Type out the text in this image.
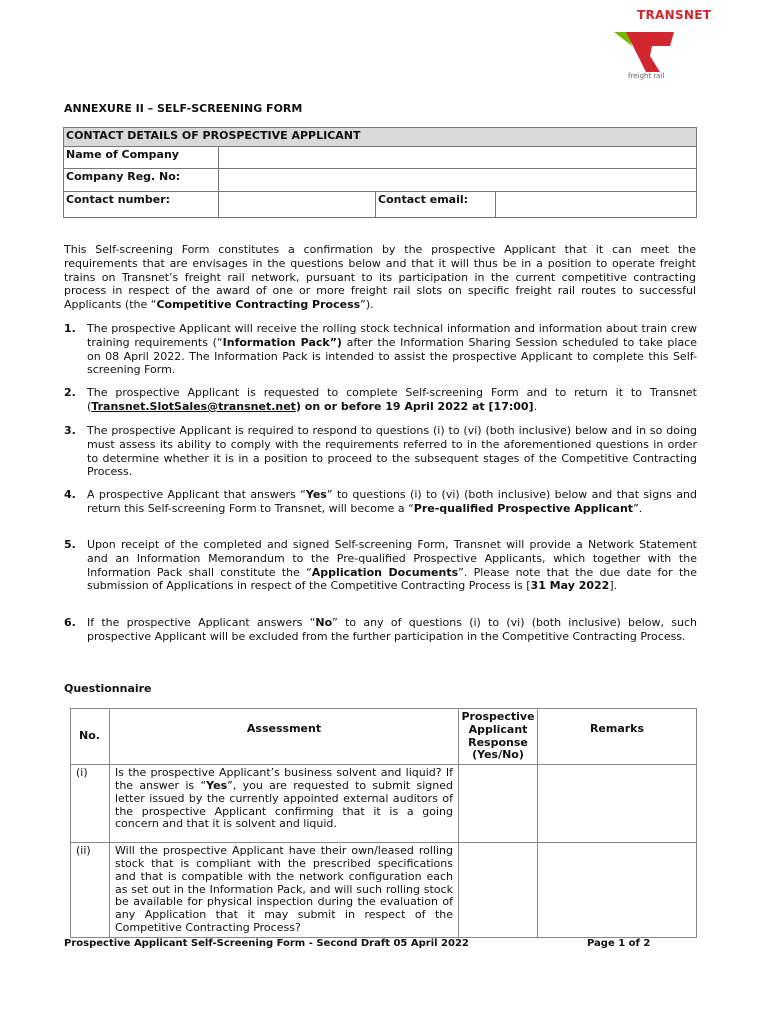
TRANSNET
freight rail
ANNEXURE II – SELF-SCREENING FORM
CONTACT DETAILS OF PROSPECTIVE APPLICANT			
Name of Company			
Company Reg. No:			
Contact number:		Contact email:	
This Self-screening Form constitutes a confirmation by the prospective Applicant that it can meet the requirements that are envisages in the questions below and that it will thus be in a position to operate freight trains on Transnet’s freight rail network, pursuant to its participation in the current competitive contracting process in respect of the award of one or more freight rail slots on specific freight rail routes to successful Applicants (the “Competitive Contracting Process”).
1. The prospective Applicant will receive the rolling stock technical information and information about train crew training requirements (“Information Pack”) after the Information Sharing Session scheduled to take place on 08 April 2022. The Information Pack is intended to assist the prospective Applicant to complete this Self-screening Form.
2. The prospective Applicant is requested to complete Self-screening Form and to return it to Transnet (Transnet.SlotSales@transnet.net) on or before 19 April 2022 at [17:00].
3. The prospective Applicant is required to respond to questions (i) to (vi) (both inclusive) below and in so doing must assess its ability to comply with the requirements referred to in the aforementioned questions in order to determine whether it is in a position to proceed to the subsequent stages of the Competitive Contracting Process.
4. A prospective Applicant that answers “Yes” to questions (i) to (vi) (both inclusive) below and that signs and return this Self-screening Form to Transnet, will become a “Pre-qualified Prospective Applicant”.
5. Upon receipt of the completed and signed Self-screening Form, Transnet will provide a Network Statement and an Information Memorandum to the Pre-qualified Prospective Applicants, which together with the Information Pack shall constitute the “Application Documents”. Please note that the due date for the submission of Applications in respect of the Competitive Contracting Process is [31 May 2022].
6. If the prospective Applicant answers “No” to any of questions (i) to (vi) (both inclusive) below, such prospective Applicant will be excluded from the further participation in the Competitive Contracting Process.
Questionnaire
No.	Assessment	Prospective Applicant Response (Yes/No)	Remarks
(i)	Is the prospective Applicant’s business solvent and liquid? If the answer is “Yes”, you are requested to submit signed letter issued by the currently appointed external auditors of the prospective Applicant confirming that it is a going concern and that it is solvent and liquid.		
(ii)	Will the prospective Applicant have their own/leased rolling stock that is compliant with the prescribed specifications and that is compatible with the network configuration each as set out in the Information Pack, and will such rolling stock be available for physical inspection during the evaluation of any Application that it may submit in respect of the Competitive Contracting Process?		
Prospective Applicant Self-Screening Form - Second Draft 05 April 2022	Page 1 of 2
